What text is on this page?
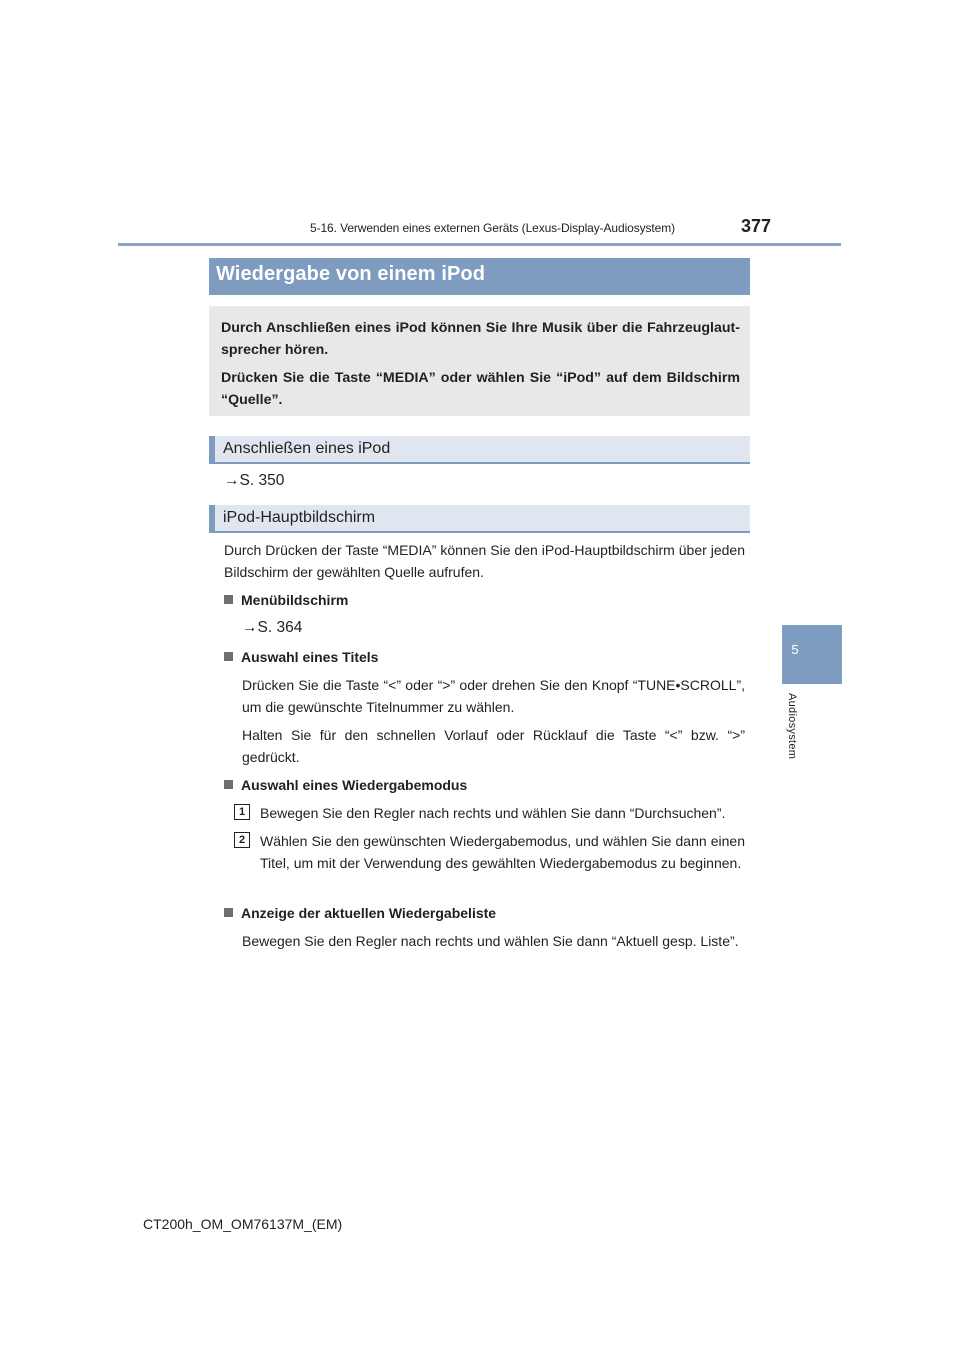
5-16. Verwenden eines externen Geräts (Lexus-Display-Audiosystem)	377
5
Audiosystem
Wiedergabe von einem iPod

Durch Anschließen eines iPod können Sie Ihre Musik über die Fahrzeuglaut-sprecher hören.

Drücken Sie die Taste “MEDIA” oder wählen Sie “iPod” auf dem Bildschirm “Quelle”.

Anschließen eines iPod
→S. 350
iPod-Hauptbildschirm
Durch Drücken der Taste “MEDIA” können Sie den iPod-Hauptbildschirm über jeden Bildschirm der gewählten Quelle aufrufen.
Menübildschirm
→S. 364
Auswahl eines Titels
Drücken Sie die Taste “<” oder “>” oder drehen Sie den Knopf “TUNE•SCROLL”, um die gewünschte Titelnummer zu wählen.
Halten Sie für den schnellen Vorlauf oder Rücklauf die Taste “<” bzw. “>” gedrückt.
Auswahl eines Wiedergabemodus
1	Bewegen Sie den Regler nach rechts und wählen Sie dann “Durchsuchen”.
2	Wählen Sie den gewünschten Wiedergabemodus, und wählen Sie dann einen Titel, um mit der Verwendung des gewählten Wiedergabemodus zu beginnen.
Anzeige der aktuellen Wiedergabeliste
Bewegen Sie den Regler nach rechts und wählen Sie dann “Aktuell gesp. Liste”.
CT200h_OM_OM76137M_(EM)
